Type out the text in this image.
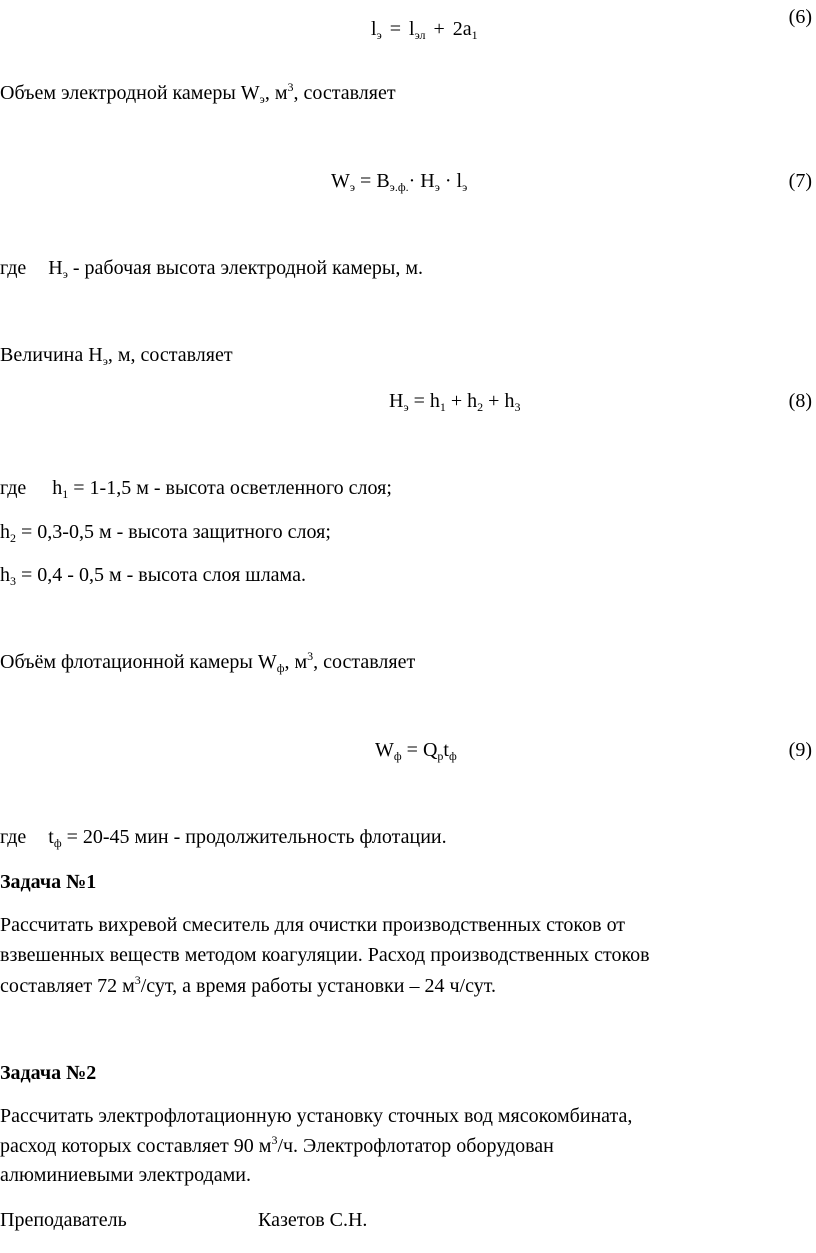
$l_э = l_{эл} + 2a_1$
(6)
Объем электродной камеры $W_э$, $м^3$, составляет
$W_э = B_{э.ф.}\cdot H_э \cdot l_э$	(7)
где $H_э$ - рабочая высота электродной камеры, м.
Величина $H_э$, м, составляет
$H_э = h_1 + h_2 + h_3$	(8)
где $h_1 = 1-1,5$ м - высота осветленного слоя;
$h_2 = 0,3-0,5$ м - высота защитного слоя;
$h_3 = 0,4 - 0,5$ м - высота слоя шлама.
Объём флотационной камеры $W_ф$, $м^3$, составляет
$W_ф = Q_рt_ф$	(9)
где $t_ф = 20-45$ мин - продолжительность флотации.
Задача №1
Рассчитать вихревой смеситель для очистки производственных стоков от
взвешенных веществ методом коагуляции. Расход производственных стоков
составляет 72 $м^3$/сут, а время работы установки – 24 ч/сут.
Задача №2
Рассчитать электрофлотационную установку сточных вод мясокомбината,
расход которых составляет 90 $м^3/ч$. Электрофлотатор оборудован
алюминиевыми электродами.
Преподаватель	Казетов С.Н.
